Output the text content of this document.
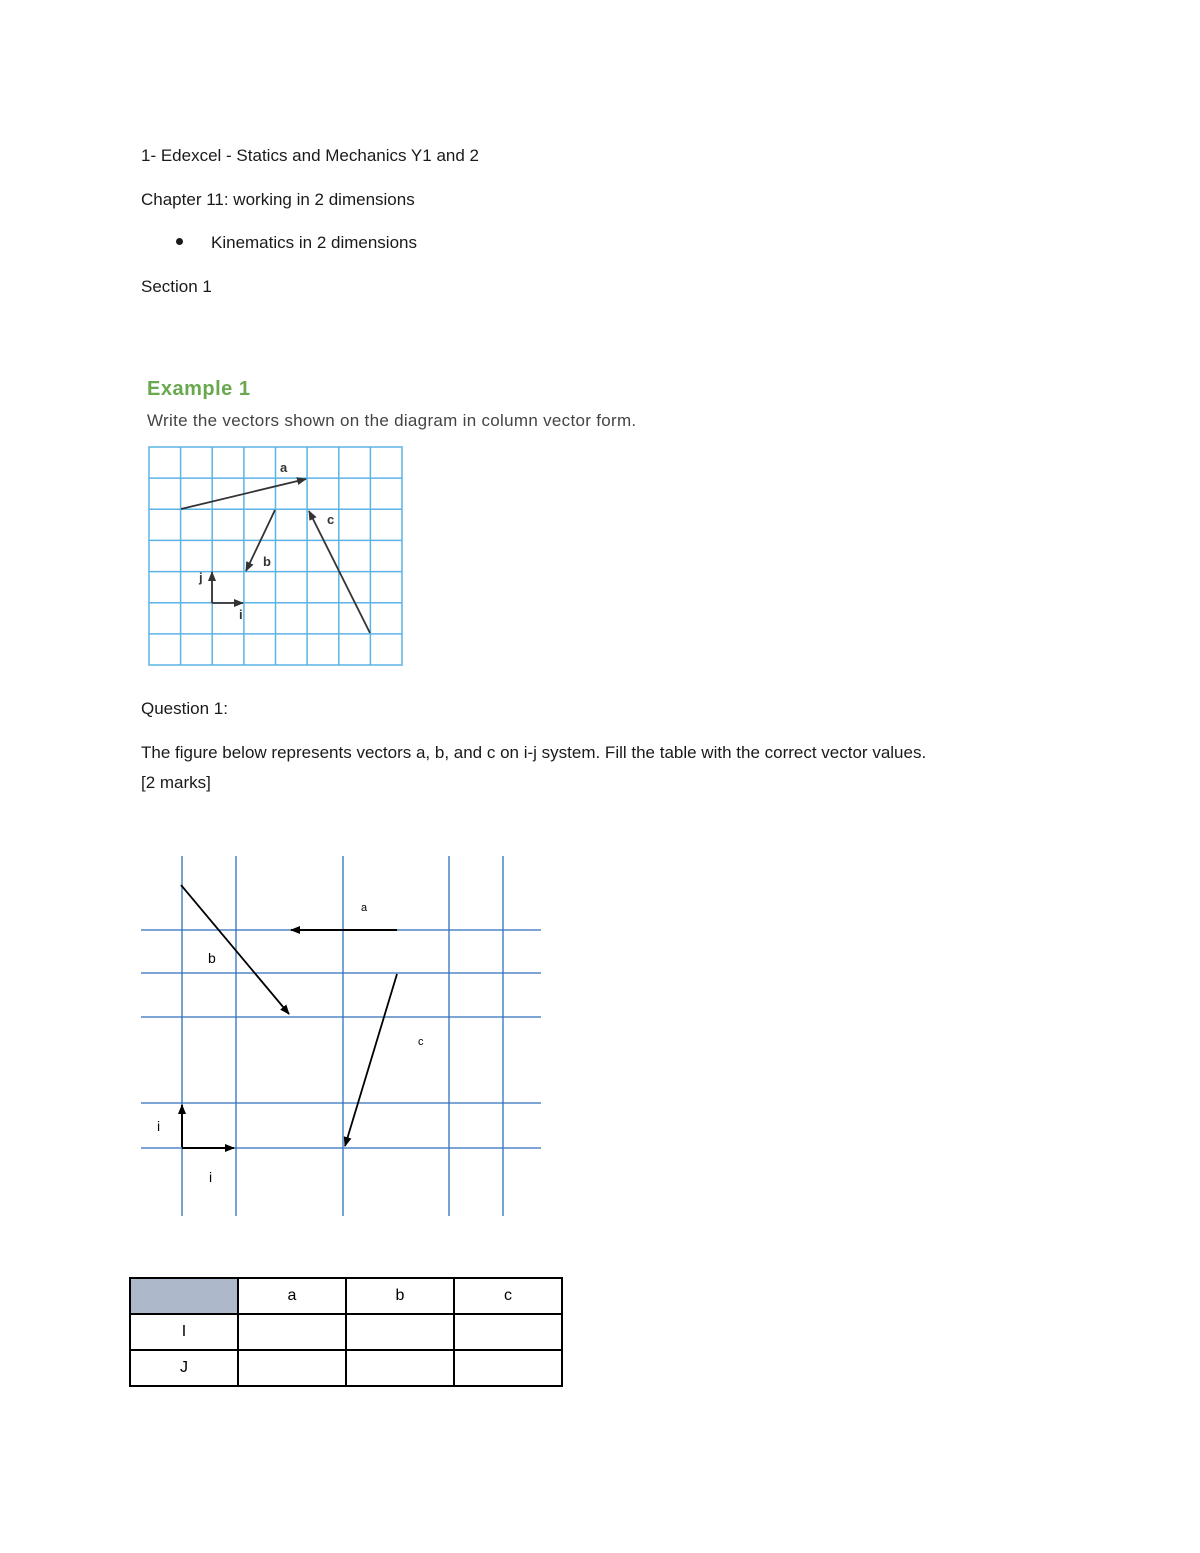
1- Edexcel - Statics and Mechanics Y1 and 2
Chapter 11: working in 2 dimensions
Kinematics in 2 dimensions
Section 1
Example 1
Write the vectors shown on the diagram in column vector form.
a
b
c
j
i
Question 1:
The figure below represents vectors a, b, and c on i-j system. Fill the table with the correct vector values.
[2 marks]
a
b
c
i
i
	a	b	c
I			
J			
